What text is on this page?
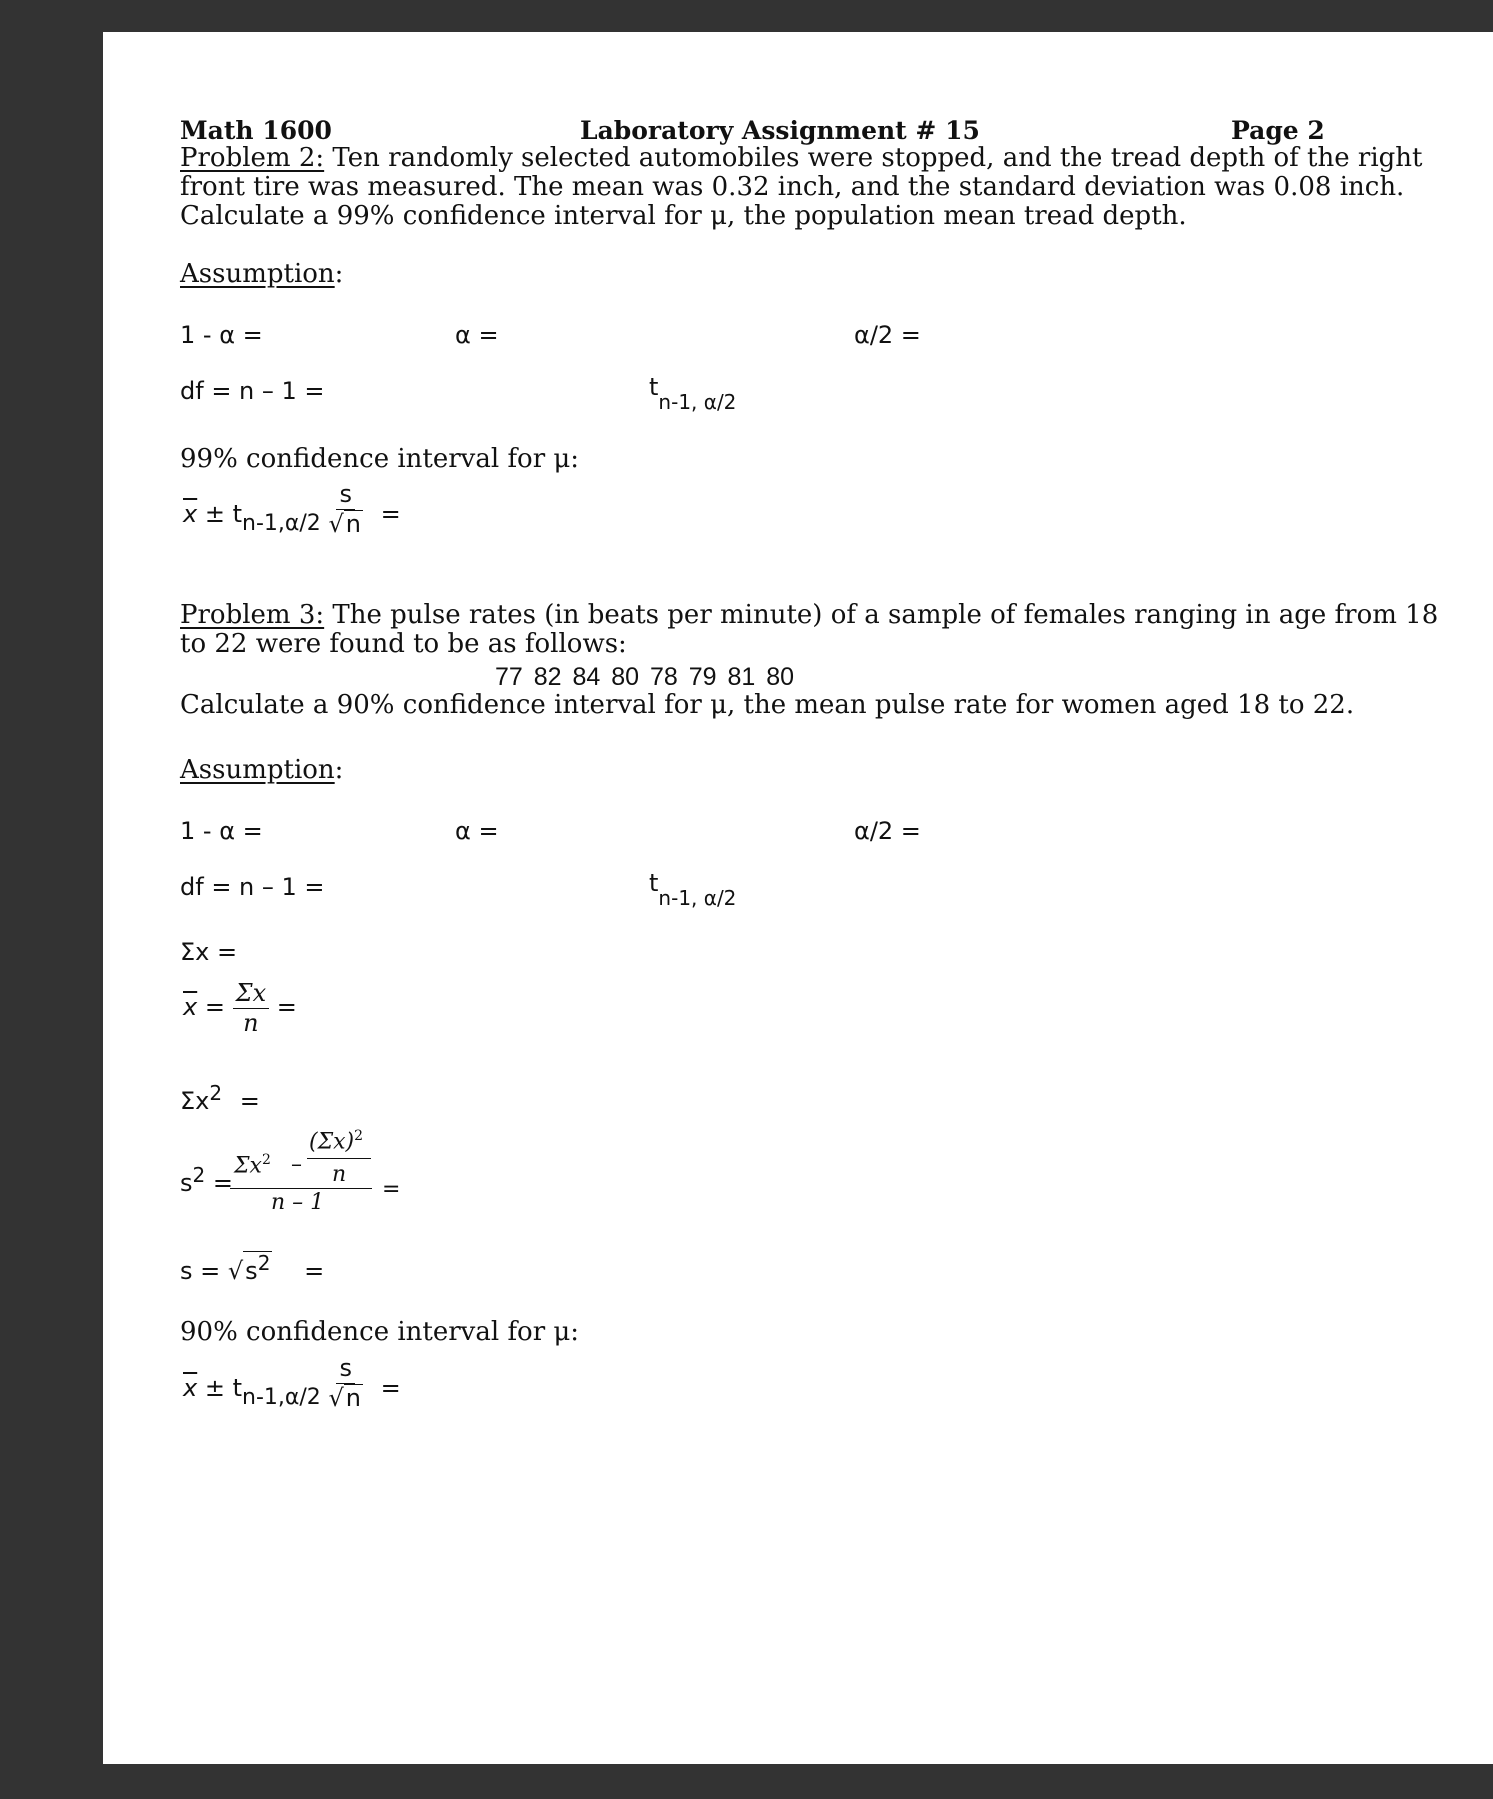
Math 1600	Laboratory Assignment # 15	Page 2
Problem 2: Ten randomly selected automobiles were stopped, and the tread depth of the right front tire was measured. The mean was 0.32 inch, and the standard deviation was 0.08 inch. Calculate a 99% confidence interval for μ, the population mean tread depth.
Assumption:
1 - α =	α =	α/2 =
df = n – 1 =	$t_{n-1, \alpha/2}$
99% confidence interval for μ:
$\overline{x} \pm tn-1,\alpha/2 \frac{s}{√n}$ =
Problem 3: The pulse rates (in beats per minute) of a sample of females ranging in age from 18 to 22 were found to be as follows:
77 82 84 80 78 79 81 80
Calculate a 90% confidence interval for μ, the mean pulse rate for women aged 18 to 22.
Assumption:
1 - α =	α =	α/2 =
df = n – 1 =	$t_{n-1, \alpha/2}$
Σx =
$\overline{x} = \frac{\Sigma x}{n}$ =
$\Sigma x^2$ =
$s^2$ =
$\Sigma x^2$ –
$(\Sigma x)^2$
n
=
n – 1
$s = √s^2$ =
90% confidence interval for μ:
$\overline{x} \pm tn-1,\alpha/2 \frac{s}{√n}$ =
